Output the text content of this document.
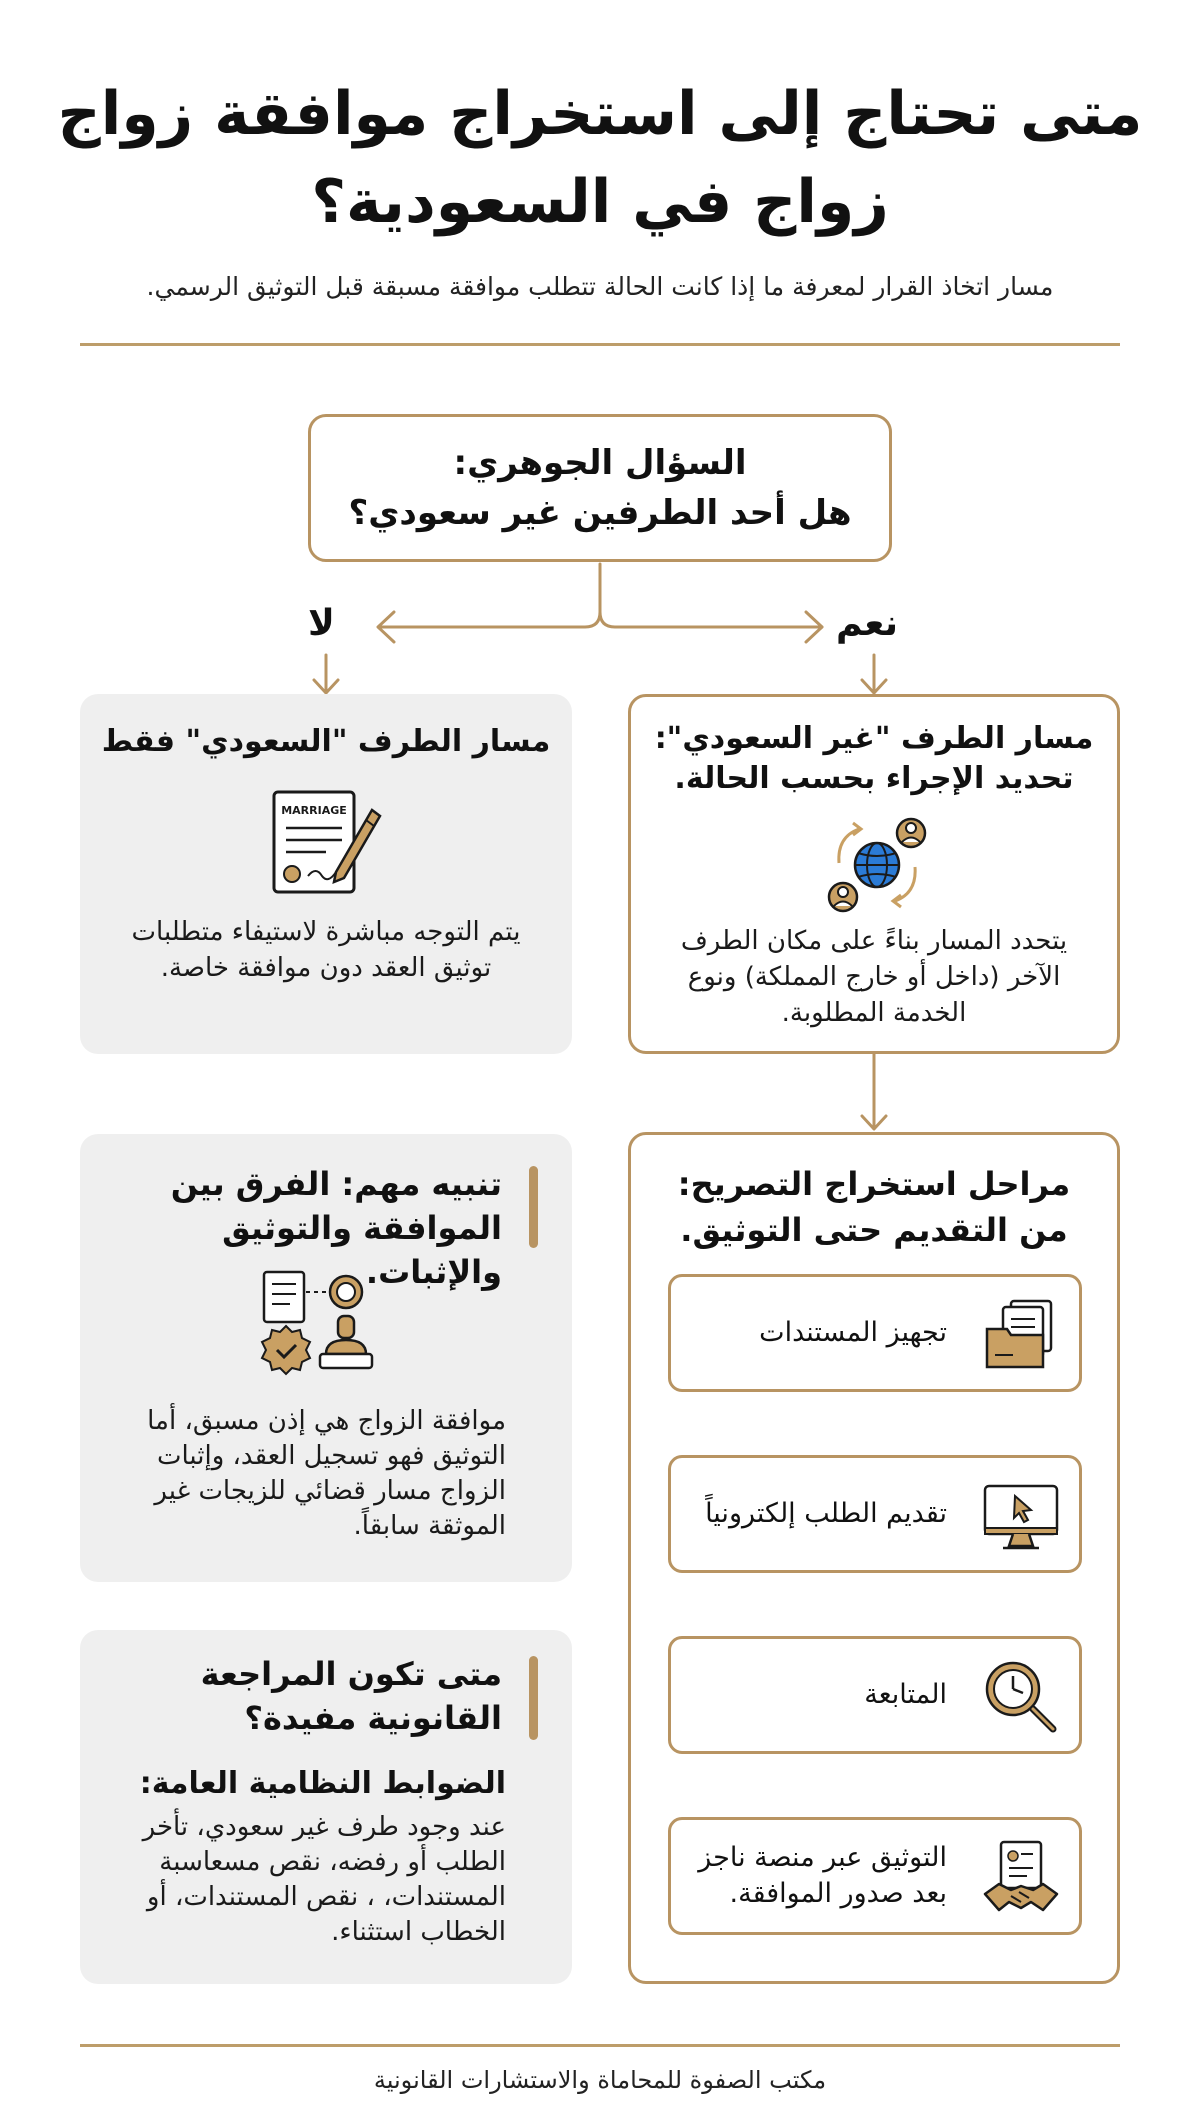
متى تحتاج إلى استخراج موافقة زواج
زواج في السعودية؟
مسار اتخاذ القرار لمعرفة ما إذا كانت الحالة تتطلب موافقة مسبقة قبل التوثيق الرسمي.
السؤال الجوهري:
هل أحد الطرفين غير سعودي؟
نعم
لا
مسار الطرف "غير السعودي":
تحديد الإجراء بحسب الحالة.
يتحدد المسار بناءً على مكان الطرف الآخر (داخل أو خارج المملكة) ونوع الخدمة المطلوبة.
مسار الطرف "السعودي" فقط
MARRIAGE
يتم التوجه مباشرة لاستيفاء متطلبات توثيق العقد دون موافقة خاصة.
مراحل استخراج التصريح:
من التقديم حتى التوثيق.
تجهيز المستندات
تقديم الطلب إلكترونياً
المتابعة
التوثيق عبر منصة ناجز بعد صدور الموافقة.
تنبيه مهم: الفرق بين
الموافقة والتوثيق والإثبات.
موافقة الزواج هي إذن مسبق، أما التوثيق فهو تسجيل العقد، وإثبات الزواج مسار قضائي للزيجات غير الموثقة سابقاً.
متى تكون المراجعة
القانونية مفيدة؟
الضوابط النظامية العامة:
عند وجود طرف غير سعودي، تأخر الطلب أو رفضه، نقص مسعاسبة المستندات، ، نقص المستندات، أو الخطاب استثناء.
مكتب الصفوة للمحاماة والاستشارات القانونية
